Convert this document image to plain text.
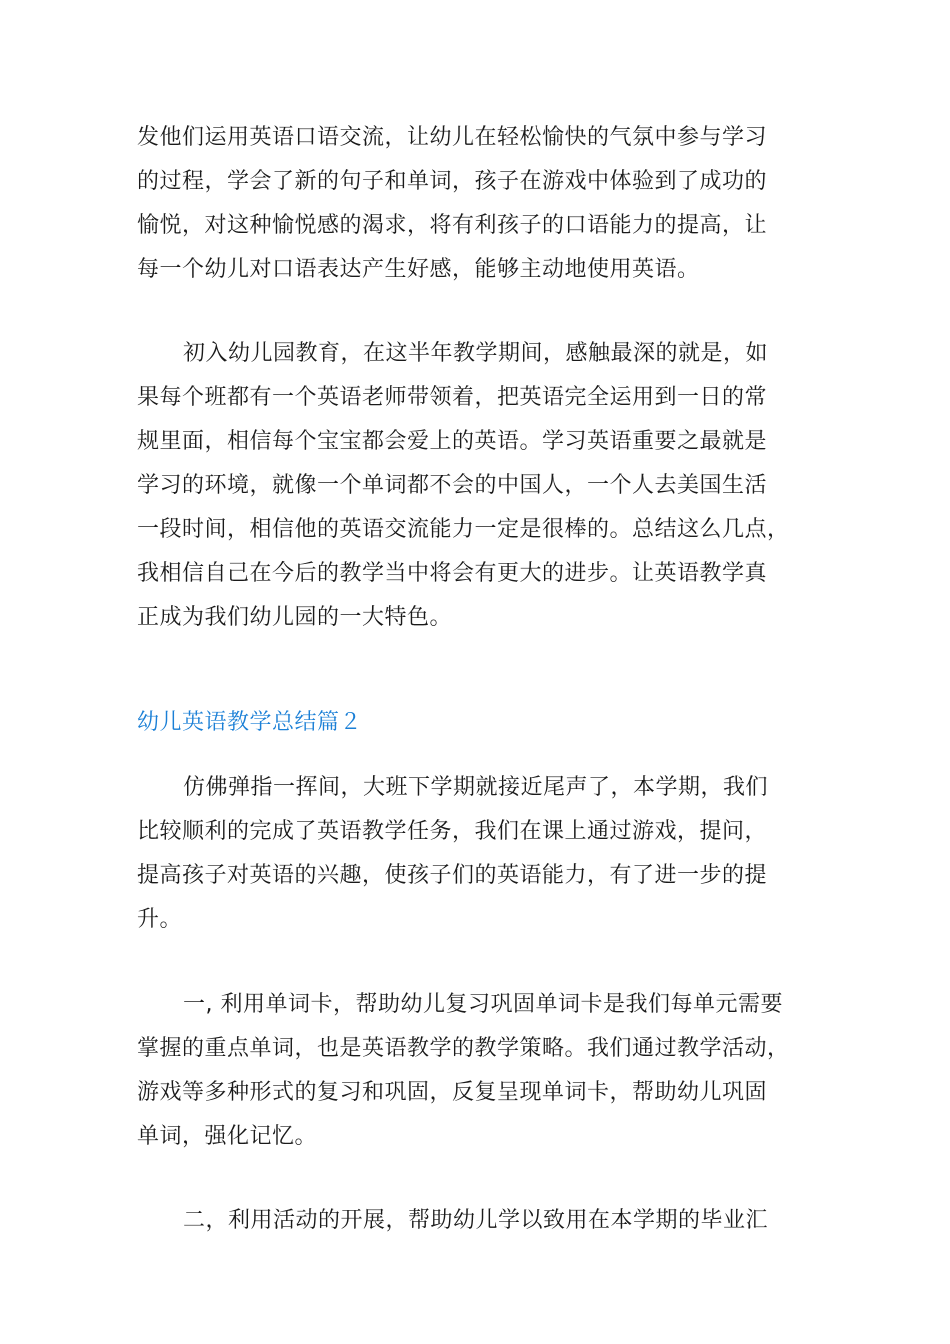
发他们运用英语口语交流，让幼儿在轻松愉快的气氛中参与学习
的过程，学会了新的句子和单词，孩子在游戏中体验到了成功的
愉悦，对这种愉悦感的渴求，将有利孩子的口语能力的提高，让
每一个幼儿对口语表达产生好感，能够主动地使用英语。
初入幼儿园教育，在这半年教学期间，感触最深的就是，如
果每个班都有一个英语老师带领着，把英语完全运用到一日的常
规里面，相信每个宝宝都会爱上的英语。学习英语重要之最就是
学习的环境，就像一个单词都不会的中国人，一个人去美国生活
一段时间，相信他的英语交流能力一定是很棒的。总结这么几点，
我相信自己在今后的教学当中将会有更大的进步。让英语教学真
正成为我们幼儿园的一大特色。
幼儿英语教学总结篇２
仿佛弹指一挥间，大班下学期就接近尾声了，本学期，我们
比较顺利的完成了英语教学任务，我们在课上通过游戏，提问，
提高孩子对英语的兴趣，使孩子们的英语能力，有了进一步的提
升。
一, 利用单词卡，帮助幼儿复习巩固单词卡是我们每单元需要
掌握的重点单词，也是英语教学的教学策略。我们通过教学活动，
游戏等多种形式的复习和巩固，反复呈现单词卡，帮助幼儿巩固
单词，强化记忆。
二，利用活动的开展，帮助幼儿学以致用在本学期的毕业汇
